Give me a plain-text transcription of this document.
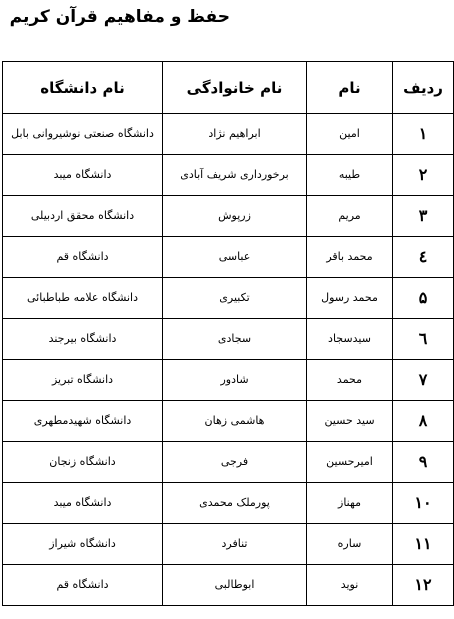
حفظ و مفاهیم قرآن کریم
ردیف	نام	نام خانوادگی	نام دانشگاه
۱	امین	ابراهیم نژاد	دانشگاه صنعتی نوشیروانی بابل
۲	طیبه	برخورداری شریف آبادی	دانشگاه میبد
۳	مریم	زرپوش	دانشگاه محقق اردبیلی
٤	محمد باقر	عباسی	دانشگاه قم
۵	محمد رسول	تکبیری	دانشگاه علامه طباطبائی
٦	سیدسجاد	سجادی	دانشگاه بیرجند
۷	محمد	شادور	دانشگاه تبریز
۸	سید حسین	هاشمی زهان	دانشگاه شهیدمطهری
۹	امیرحسین	فرجی	دانشگاه زنجان
۱۰	مهناز	پورملک محمدی	دانشگاه میبد
۱۱	ساره	تنافرد	دانشگاه شیراز
۱۲	نوید	ابوطالبی	دانشگاه قم
